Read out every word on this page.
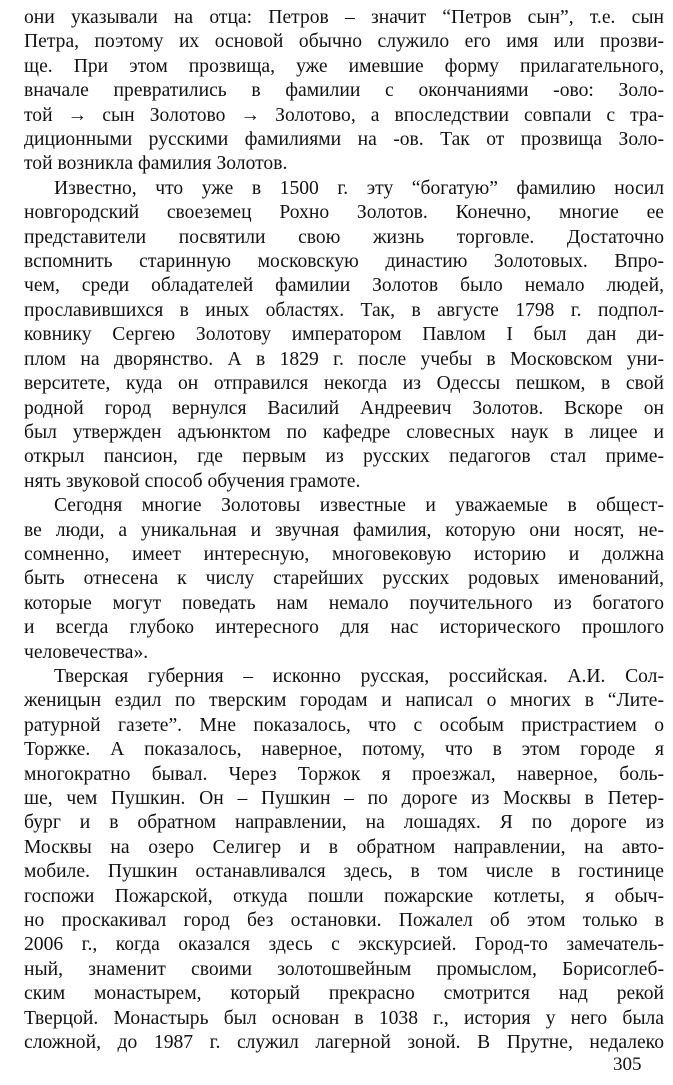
они указывали на отца: Петров – значит “Петров сын”, т.е. сын
Петра, поэтому их основой обычно служило его имя или прозви-
ще. При этом прозвища, уже имевшие форму прилагательного,
вначале превратились в фамилии с окончаниями -ово: Золо-
той → сын Золотово → Золотово, а впоследствии совпали с тра-
диционными русскими фамилиями на -ов. Так от прозвища Золо-
той возникла фамилия Золотов.

Известно, что уже в 1500 г. эту “богатую” фамилию носил
новгородский своеземец Рохно Золотов. Конечно, многие ее
представители посвятили свою жизнь торговле. Достаточно
вспомнить старинную московскую династию Золотовых. Впро-
чем, среди обладателей фамилии Золотов было немало людей,
прославившихся в иных областях. Так, в августе 1798 г. подпол-
ковнику Сергею Золотову императором Павлом I был дан ди-
плом на дворянство. А в 1829 г. после учебы в Московском уни-
верситете, куда он отправился некогда из Одессы пешком, в свой
родной город вернулся Василий Андреевич Золотов. Вскоре он
был утвержден адъюнктом по кафедре словесных наук в лицее и
открыл пансион, где первым из русских педагогов стал приме-
нять звуковой способ обучения грамоте.

Сегодня многие Золотовы известные и уважаемые в общест-
ве люди, а уникальная и звучная фамилия, которую они носят, не-
сомненно, имеет интересную, многовековую историю и должна
быть отнесена к числу старейших русских родовых именований,
которые могут поведать нам немало поучительного из богатого
и всегда глубоко интересного для нас исторического прошлого
человечества».

Тверская губерния – исконно русская, российская. А.И. Сол-
женицын ездил по тверским городам и написал о многих в “Лите-
ратурной газете”. Мне показалось, что с особым пристрастием о
Торжке. А показалось, наверное, потому, что в этом городе я
многократно бывал. Через Торжок я проезжал, наверное, боль-
ше, чем Пушкин. Он – Пушкин – по дороге из Москвы в Петер-
бург и в обратном направлении, на лошадях. Я по дороге из
Москвы на озеро Селигер и в обратном направлении, на авто-
мобиле. Пушкин останавливался здесь, в том числе в гостинице
госпожи Пожарской, откуда пошли пожарские котлеты, я обыч-
но проскакивал город без остановки. Пожалел об этом только в
2006 г., когда оказался здесь с экскурсией. Город-то замечатель-
ный, знаменит своими золотошвейным промыслом, Борисоглеб-
ским монастырем, который прекрасно смотрится над рекой
Тверцой. Монастырь был основан в 1038 г., история у него была
сложной, до 1987 г. служил лагерной зоной. В Прутне, недалеко

305
